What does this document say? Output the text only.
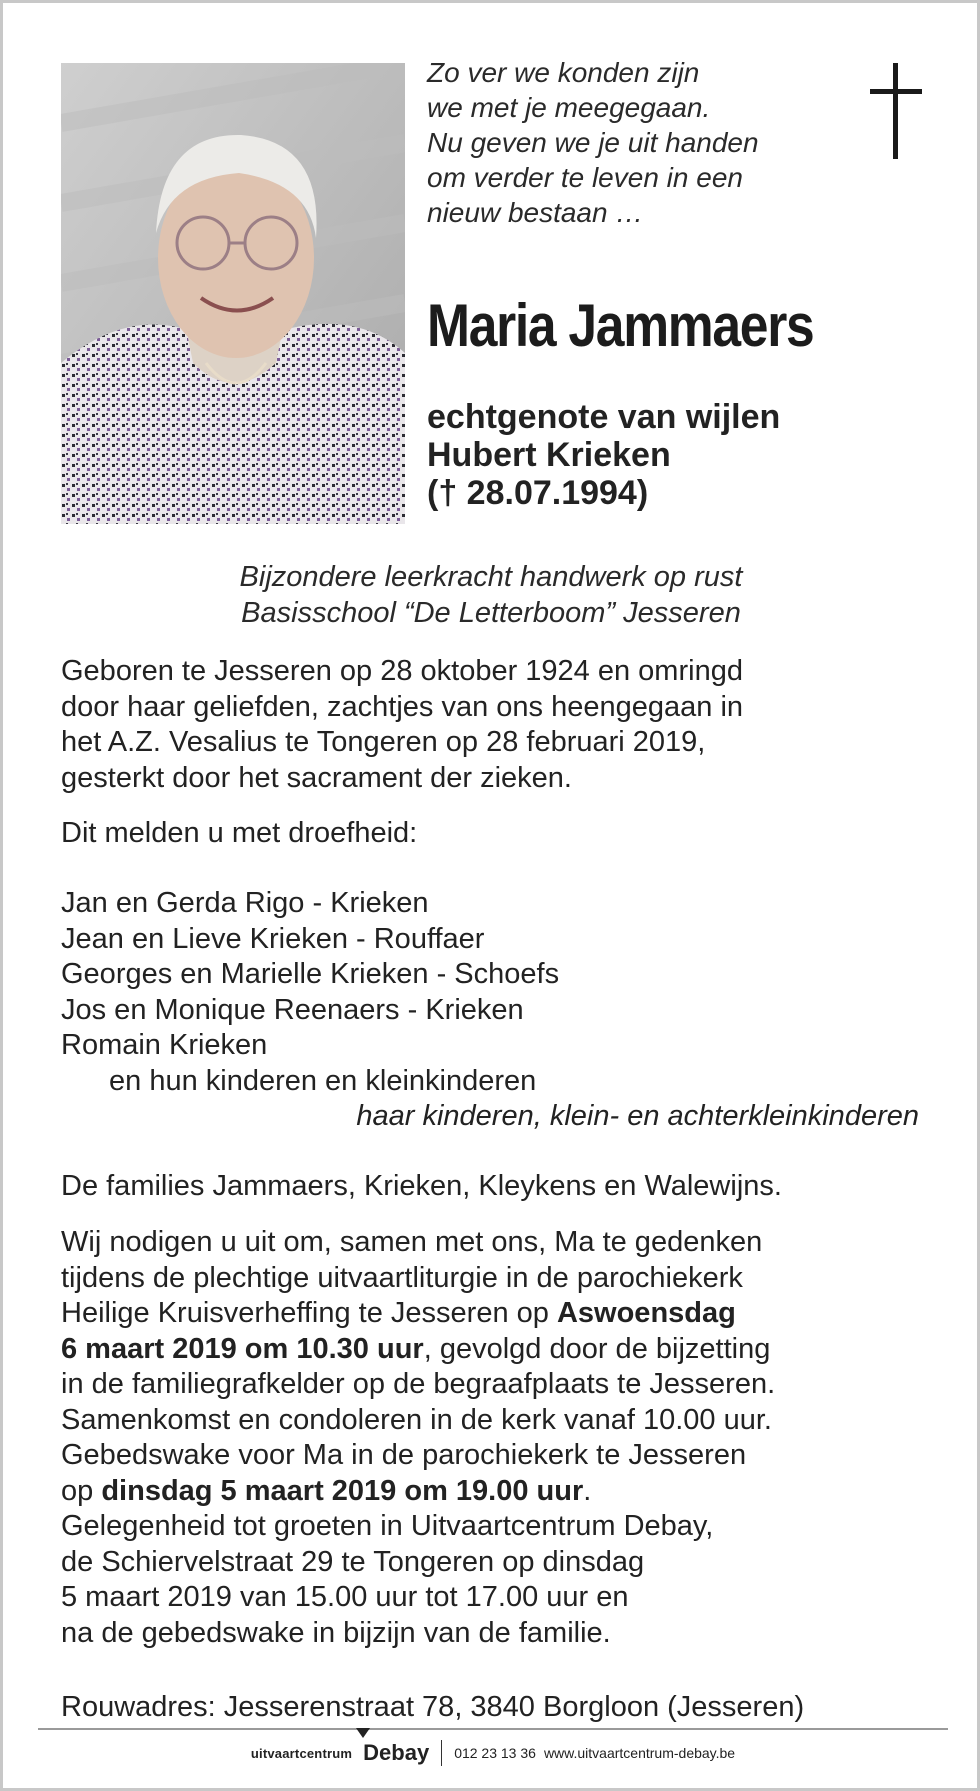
Zo ver we konden zijn
we met je meegegaan.
Nu geven we je uit handen
om verder te leven in een
nieuw bestaan …
Maria Jammaers
echtgenote van wijlen
Hubert Krieken
(† 28.07.1994)
Bijzondere leerkracht handwerk op rust
Basisschool “De Letterboom” Jesseren
Geboren te Jesseren op 28 oktober 1924 en omringd
door haar geliefden, zachtjes van ons heengegaan in
het A.Z. Vesalius te Tongeren op 28 februari 2019,
gesterkt door het sacrament der zieken.
Dit melden u met droefheid:
Jan en Gerda Rigo - Krieken
Jean en Lieve Krieken - Rouffaer
Georges en Marielle Krieken - Schoefs
Jos en Monique Reenaers - Krieken
Romain Krieken
en hun kinderen en kleinkinderen
haar kinderen, klein- en achterkleinkinderen
De families Jammaers, Krieken, Kleykens en Walewijns.
Wij nodigen u uit om, samen met ons, Ma te gedenken
tijdens de plechtige uitvaartliturgie in de parochiekerk
Heilige Kruisverheffing te Jesseren op Aswoensdag
6 maart 2019 om 10.30 uur, gevolgd door de bijzetting
in de familiegrafkelder op de begraafplaats te Jesseren.
Samenkomst en condoleren in de kerk vanaf 10.00 uur.
Gebedswake voor Ma in de parochiekerk te Jesseren
op dinsdag 5 maart 2019 om 19.00 uur.
Gelegenheid tot groeten in Uitvaartcentrum Debay,
de Schiervelstraat 29 te Tongeren op dinsdag
5 maart 2019 van 15.00 uur tot 17.00 uur en
na de gebedswake in bijzijn van de familie.
Rouwadres: Jesserenstraat 78, 3840 Borgloon (Jesseren)
uitvaartcentrum Debay 012 23 13 36 www.uitvaartcentrum-debay.be
